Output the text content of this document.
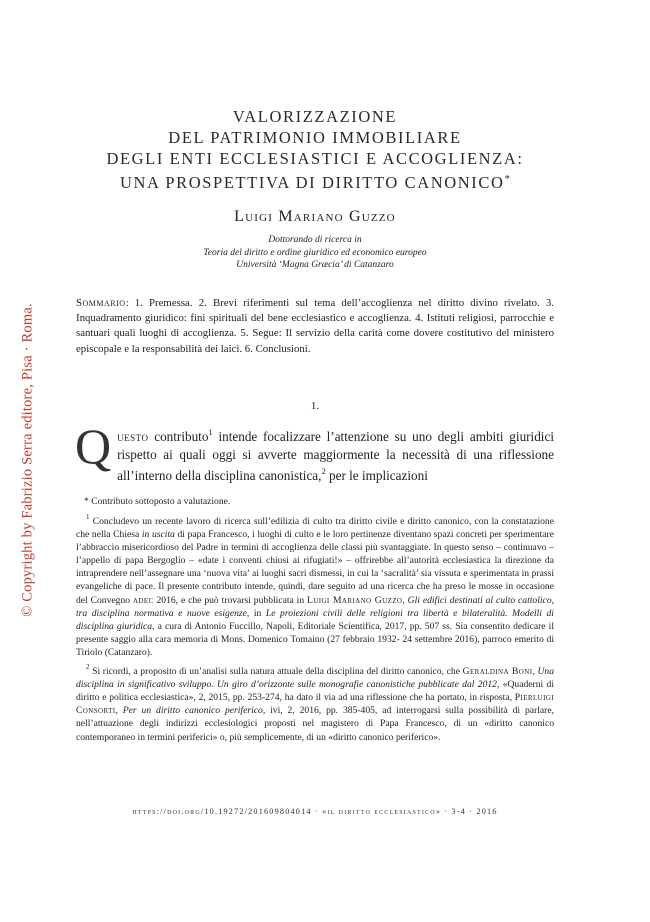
© Copyright by Fabrizio Serra editore, Pisa · Roma.
VALORIZZAZIONE
DEL PATRIMONIO IMMOBILIARE
DEGLI ENTI ECCLESIASTICI E ACCOGLIENZA:
UNA PROSPETTIVA DI DIRITTO CANONICO*
Luigi Mariano Guzzo
Dottorando di ricerca in
Teoria del diritto e ordine giuridico ed economico europeo
Università ‘Magna Græcia’ di Catanzaro
Sommario: 1. Premessa. 2. Brevi riferimenti sul tema dell’accoglienza nel diritto divino rivelato. 3. Inquadramento giuridico: fini spirituali del bene ecclesiastico e accoglienza. 4. Istituti religiosi, parrocchie e santuari quali luoghi di accoglienza. 5. Segue: Il servizio della carità come dovere costitutivo del ministero episcopale e la responsabilità dei laici. 6. Conclusioni.
1.
Questo contributo$^1$ intende focalizzare l’attenzione su uno degli ambiti giuridici rispetto ai quali oggi si avverte maggiormente la necessità di una riflessione all’interno della disciplina canonistica,$^2$ per le implicazioni
* Contributo sottoposto a valutazione.

$^1$ Concludevo un recente lavoro di ricerca sull’edilizia di culto tra diritto civile e diritto canonico, con la constatazione che nella Chiesa in uscita di papa Francesco, i luoghi di culto e le loro pertinenze diventano spazi concreti per sperimentare l’abbraccio misericordioso del Padre in termini di accoglienza delle classi più svantaggiate. In questo senso – continuavo – l’appello di papa Bergoglio – «date i conventi chiusi ai rifugiati!» – offrirebbe all’autorità ecclesiastica la direzione da intraprendere nell’assegnare una ‘nuova vita’ ai luoghi sacri dismessi, in cui la ‘sacralità’ sia vissuta e sperimentata in prassi evangeliche di pace. Il presente contributo intende, quindi, dare seguito ad una ricerca che ha preso le mosse in occasione del Convegno adec 2016, e che può trovarsi pubblicata in Luigi Mariano Guzzo, Gli edifici destinati al culto cattolico, tra disciplina normativa e nuove esigenze, in Le proiezioni civili delle religioni tra libertà e bilateralità. Modelli di disciplina giuridica, a cura di Antonio Fuccillo, Napoli, Editoriale Scientifica, 2017, pp. 507 ss. Sia consentito dedicare il presente saggio alla cara memoria di Mons. Domenico Tomaino (27 febbraio 1932- 24 settembre 2016), parroco emerito di Tiriolo (Catanzaro).

$^2$ Si ricordi, a proposito di un’analisi sulla natura attuale della disciplina del diritto canonico, che Geraldina Boni, Una disciplina in significativo sviluppo. Un giro d’orizzonte sulle monografie canonistiche pubblicate dal 2012, «Quaderni di diritto e politica ecclesiastica», 2, 2015, pp. 253-274, ha dato il via ad una riflessione che ha portato, in risposta, Pierluigi Consorti, Per un diritto canonico periferico, ivi, 2, 2016, pp. 385-405, ad interrogarsi sulla possibilità di parlare, nell’attuazione degli indirizzi ecclesiologici proposti nel magistero di Papa Francesco, di un «diritto canonico contemporaneo in termini periferici» o, più semplicemente, di un «diritto canonico periferico».

https://doi.org/10.19272/201609804014 · «il diritto ecclesiastico» · 3-4 · 2016
